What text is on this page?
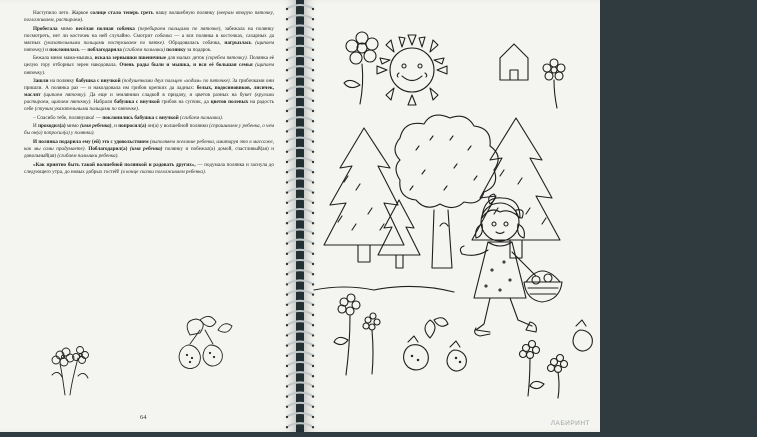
Наступило лето. Жаркое солнце стало теперь греть нашу волшебную полянку (веерам вторую пяточку, поглаживаем, растираем).

Пробегала мимо весёлая полная собачка (перебираем пальцами по пяточке), забежала на полянку посмотреть, нет ли косточек на ней случайно. Смотрит собачка — а вся полянка в косточках, сахарных да мясных (указательными пальцами постукиваем по пятке). Обрадовалась собачка, нагрызлась (щипаем пяточку) и поклонилась — поблагодарила (сгибаем пальчики) полянку за подарок.

Бежала мимо мама-мышка, искала зернышки пшеничные для малых деток (скребем пяточку). Полянка её целую гору отборных зерен накодовала. Очень рады были и мышка, и вся её большая семья (щипаем пяточку).

Зашли на полянку бабушка с внучкой (подушечками двух пальцев «ходим» по пяточке). За грибочками они пришли. А полянка раз — и наколдовала им грибов крепких да ладных: белых, подосиновиков, лисичек, маслят (щипаем пяточку). Да еще и земляники сладкой в придачу, и цветов разных на букет (кругами растираем, щипаем пяточку). Набрали бабушка с внучкой грибов на супчик, да цветов полевых на радость себе (стучим указательными пальцами по пяточке).

– Спасибо тебе, полянушка! — поклонились бабушка с внучкой (сгибаем пальчики).

И проходил(а) мимо (имя ребенка), и попросил(а) он(а) у волшебной полянки (спрашиваем у ребенка, о чем бы он(а) попросил(а) у полянки).

И полянка подарила ему (ей) это с удовольствием (выполняем желание ребенка, имитируя это в массаже, как мы сами придумаете). Поблагодарил(а) (имя ребенка) полянку и побежал(а) домой, счастливый(ая) и довольный(ая) (сгибаем пальчики ребенка).

«Как приятно быть такой волшебной полянкой и радовать других», — подумала полянка и заснула до следующего утра, до новых добрых гостей! (в конце сказки поглаживаем ребенка).

64	65
ЛАБИРИНТ
